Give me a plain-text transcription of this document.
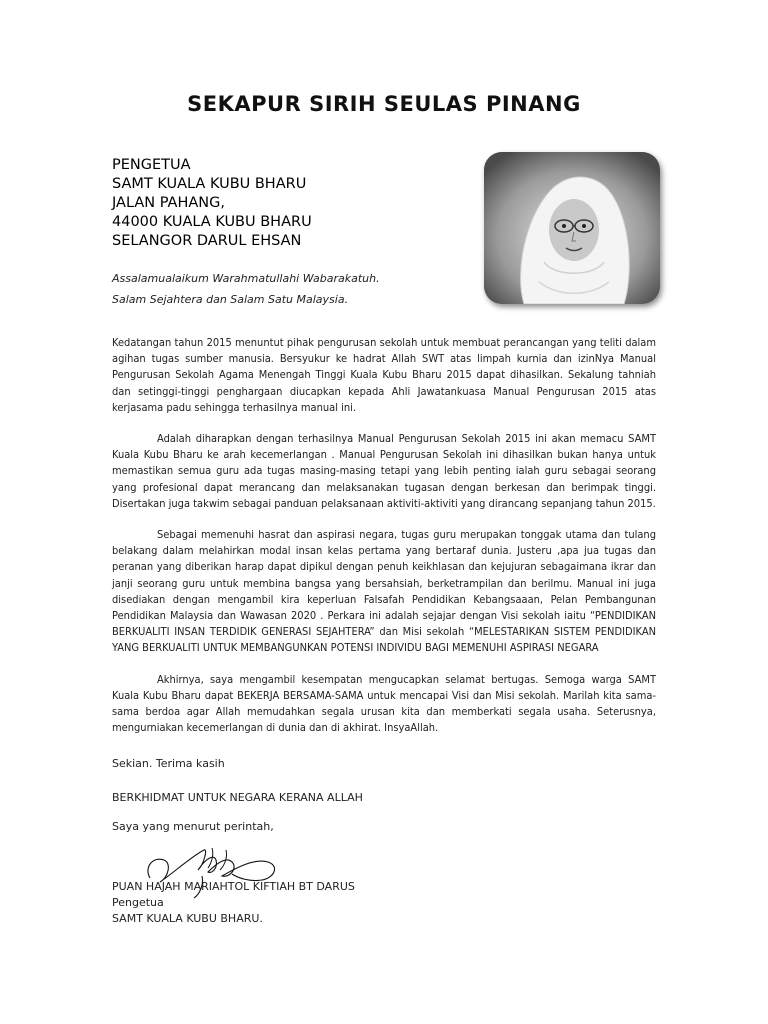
SEKAPUR SIRIH SEULAS PINANG
PENGETUA
SAMT KUALA KUBU BHARU
JALAN PAHANG,
44000 KUALA KUBU BHARU
SELANGOR DARUL EHSAN
Assalamualaikum Warahmatullahi Wabarakatuh.
Salam Sejahtera dan Salam Satu Malaysia.

Kedatangan tahun 2015 menuntut pihak pengurusan sekolah untuk membuat perancangan yang teliti dalam agihan tugas sumber manusia. Bersyukur ke hadrat Allah SWT atas limpah kurnia dan izinNya Manual Pengurusan Sekolah Agama Menengah Tinggi Kuala Kubu Bharu 2015 dapat dihasilkan. Sekalung tahniah dan setinggi-tinggi penghargaan diucapkan kepada Ahli Jawatankuasa Manual Pengurusan 2015 atas kerjasama padu sehingga terhasilnya manual ini.

Adalah diharapkan dengan terhasilnya Manual Pengurusan Sekolah 2015 ini akan memacu SAMT Kuala Kubu Bharu ke arah kecemerlangan . Manual Pengurusan Sekolah ini dihasilkan bukan hanya untuk memastikan semua guru ada tugas masing-masing tetapi yang lebih penting ialah guru sebagai seorang yang profesional dapat merancang dan melaksanakan tugasan dengan berkesan dan berimpak tinggi. Disertakan juga takwim sebagai panduan pelaksanaan aktiviti-aktiviti yang dirancang sepanjang tahun 2015.

Sebagai memenuhi hasrat dan aspirasi negara, tugas guru merupakan tonggak utama dan tulang belakang dalam melahirkan modal insan kelas pertama yang bertaraf dunia. Justeru ,apa jua tugas dan peranan yang diberikan harap dapat dipikul dengan penuh keikhlasan dan kejujuran sebagaimana ikrar dan janji seorang guru untuk membina bangsa yang bersahsiah, berketrampilan dan berilmu. Manual ini juga disediakan dengan mengambil kira keperluan Falsafah Pendidikan Kebangsaaan, Pelan Pembangunan Pendidikan Malaysia dan Wawasan 2020 . Perkara ini adalah sejajar dengan Visi sekolah iaitu “PENDIDIKAN BERKUALITI INSAN TERDIDIK GENERASI SEJAHTERA” dan Misi sekolah “MELESTARIKAN SISTEM PENDIDIKAN YANG BERKUALITI UNTUK MEMBANGUNKAN POTENSI INDIVIDU BAGI MEMENUHI ASPIRASI NEGARA

Akhirnya, saya mengambil kesempatan mengucapkan selamat bertugas. Semoga warga SAMT Kuala Kubu Bharu dapat BEKERJA BERSAMA-SAMA untuk mencapai Visi dan Misi sekolah. Marilah kita sama-sama berdoa agar Allah memudahkan segala urusan kita dan memberkati segala usaha. Seterusnya, mengurniakan kecemerlangan di dunia dan di akhirat. InsyaAllah.

Sekian. Terima kasih
BERKHIDMAT UNTUK NEGARA KERANA ALLAH
Saya yang menurut perintah,
PUAN HAJAH MARIAHTOL KIFTIAH BT DARUS
Pengetua
SAMT KUALA KUBU BHARU.
